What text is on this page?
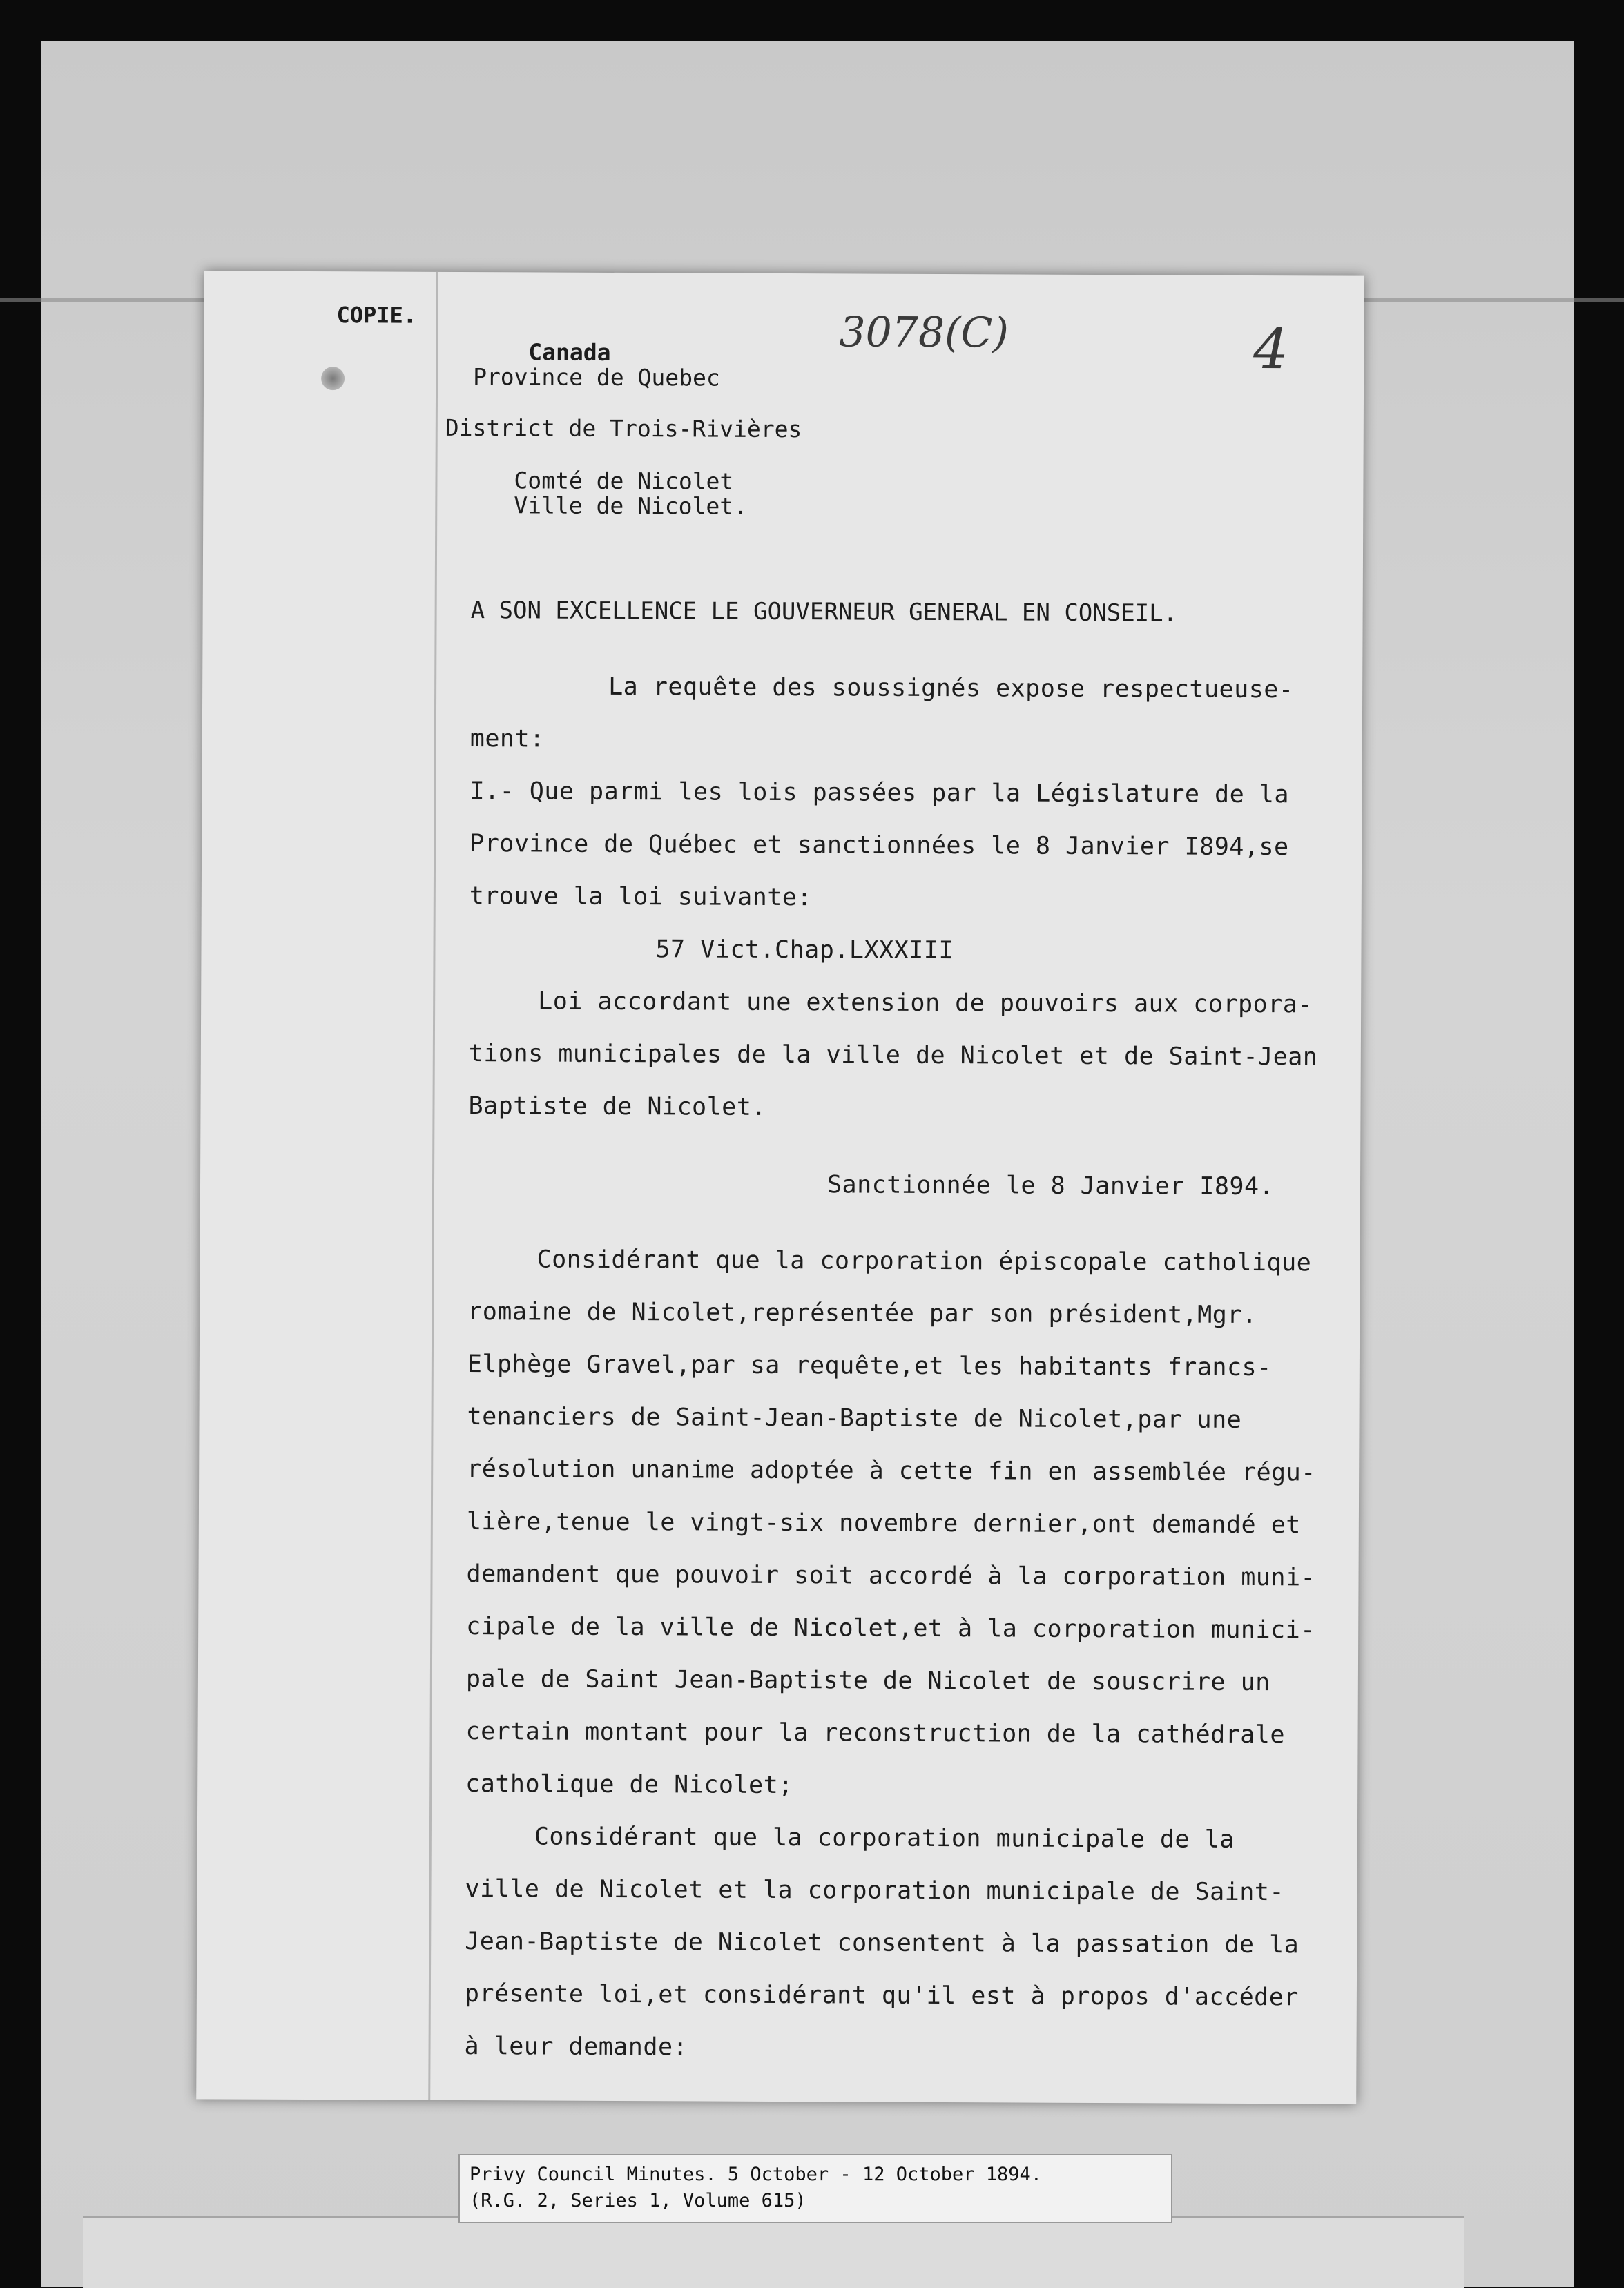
COPIE.	3078(C)	4
Canada
Province de Quebec
District de Trois-Rivières
Comté de Nicolet
Ville de Nicolet.
A SON EXCELLENCE LE GOUVERNEUR GENERAL EN CONSEIL.
La requête des soussignés expose respectueuse-
ment:
I.- Que parmi les lois passées par la Législature de la
Province de Québec et sanctionnées le 8 Janvier I894,se
trouve la loi suivante:
57 Vict.Chap.LXXXIII
Loi accordant une extension de pouvoirs aux corpora-
tions municipales de la ville de Nicolet et de Saint-Jean
Baptiste de Nicolet.
Sanctionnée le 8 Janvier I894.
Considérant que la corporation épiscopale catholique
romaine de Nicolet,représentée par son président,Mgr.
Elphège Gravel,par sa requête,et les habitants francs-
tenanciers de Saint-Jean-Baptiste de Nicolet,par une
résolution unanime adoptée à cette fin en assemblée régu-
lière,tenue le vingt-six novembre dernier,ont demandé et
demandent que pouvoir soit accordé à la corporation muni-
cipale de la ville de Nicolet,et à la corporation munici-
pale de Saint Jean-Baptiste de Nicolet de souscrire un
certain montant pour la reconstruction de la cathédrale
catholique de Nicolet;
Considérant que la corporation municipale de la
ville de Nicolet et la corporation municipale de Saint-
Jean-Baptiste de Nicolet consentent à la passation de la
présente loi,et considérant qu'il est à propos d'accéder
à leur demande:
Privy Council Minutes. 5 October - 12 October 1894.
(R.G. 2, Series 1, Volume 615)
